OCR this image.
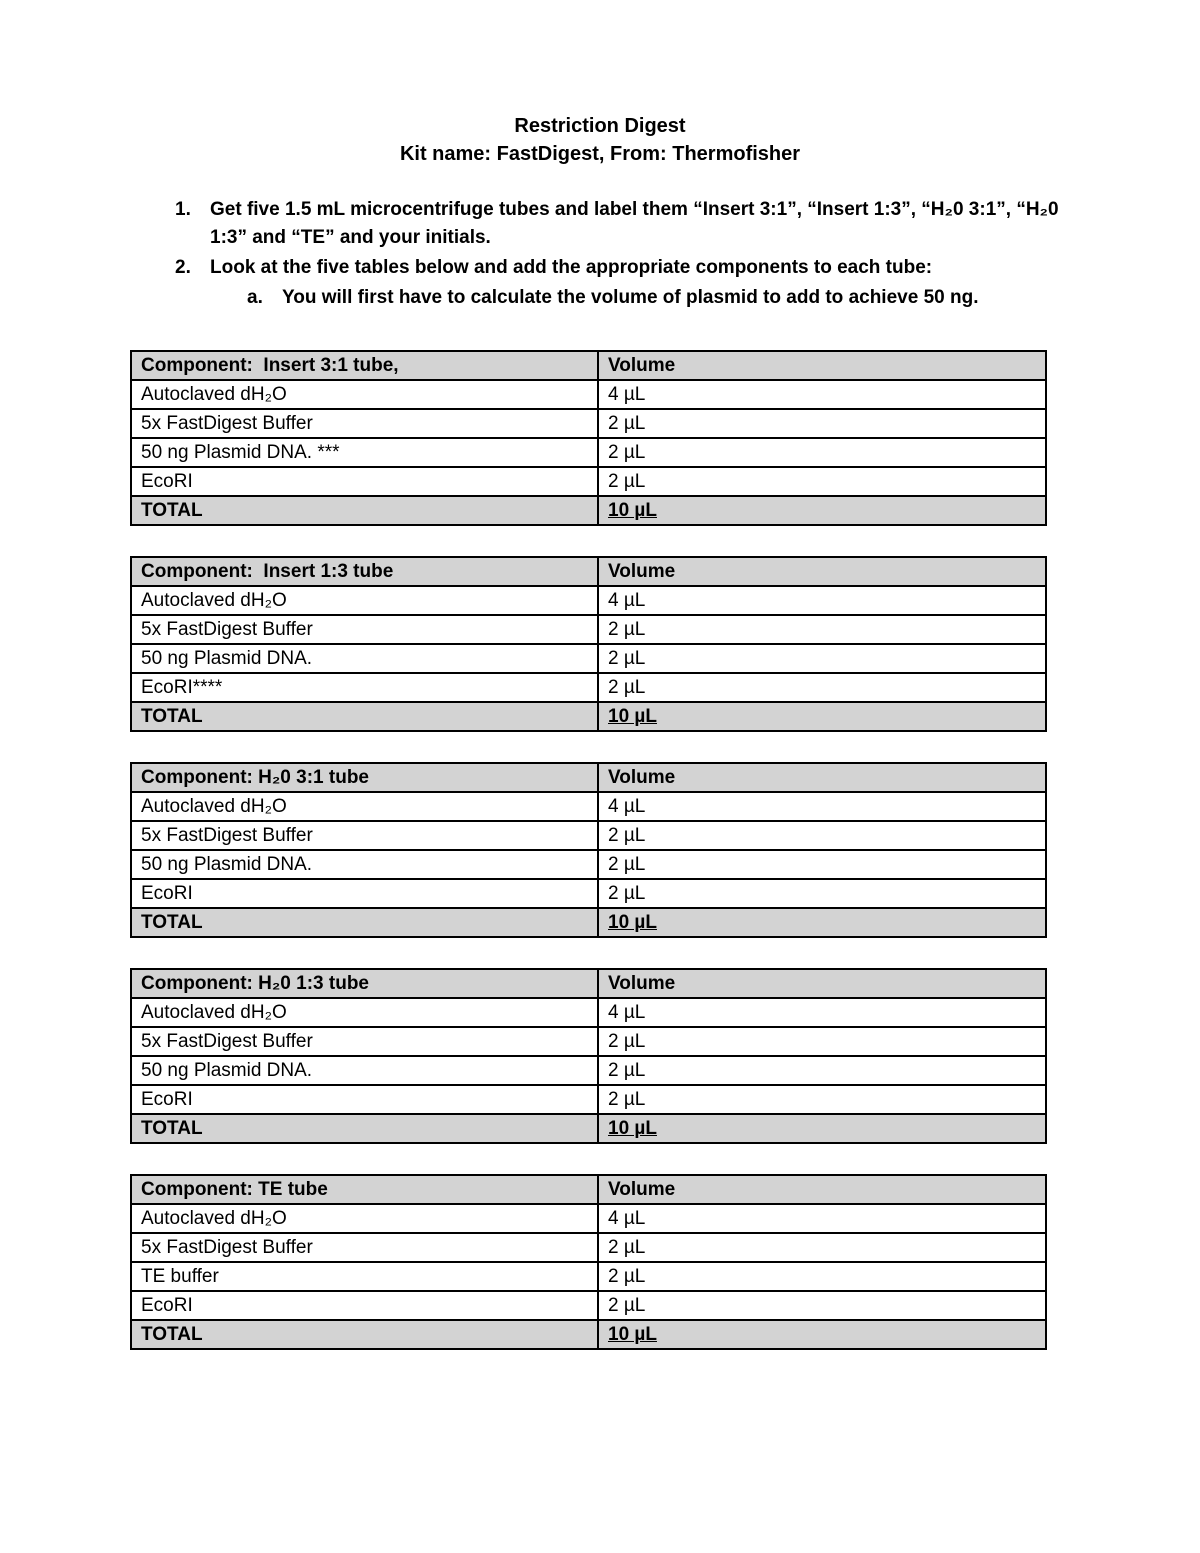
Restriction Digest
Kit name: FastDigest, From: Thermofisher
1.	Get five 1.5 mL microcentrifuge tubes and label them “Insert 3:1”, “Insert 1:3”, “H₂0 3:1”, “H₂0 1:3” and “TE” and your initials.
2.	Look at the five tables below and add the appropriate components to each tube:
a.	You will first have to calculate the volume of plasmid to add to achieve 50 ng.
Component:  Insert 3:1 tube,	Volume
Autoclaved dH₂O	4 µL
5x FastDigest Buffer	2 µL
50 ng Plasmid DNA. ***	2 µL
EcoRI	2 µL
TOTAL	10 µL
Component:  Insert 1:3 tube	Volume
Autoclaved dH₂O	4 µL
5x FastDigest Buffer	2 µL
50 ng Plasmid DNA.	2 µL
EcoRI****	2 µL
TOTAL	10 µL
Component: H₂0 3:1 tube	Volume
Autoclaved dH₂O	4 µL
5x FastDigest Buffer	2 µL
50 ng Plasmid DNA.	2 µL
EcoRI	2 µL
TOTAL	10 µL
Component: H₂0 1:3 tube	Volume
Autoclaved dH₂O	4 µL
5x FastDigest Buffer	2 µL
50 ng Plasmid DNA.	2 µL
EcoRI	2 µL
TOTAL	10 µL
Component: TE tube	Volume
Autoclaved dH₂O	4 µL
5x FastDigest Buffer	2 µL
TE buffer	2 µL
EcoRI	2 µL
TOTAL	10 µL
